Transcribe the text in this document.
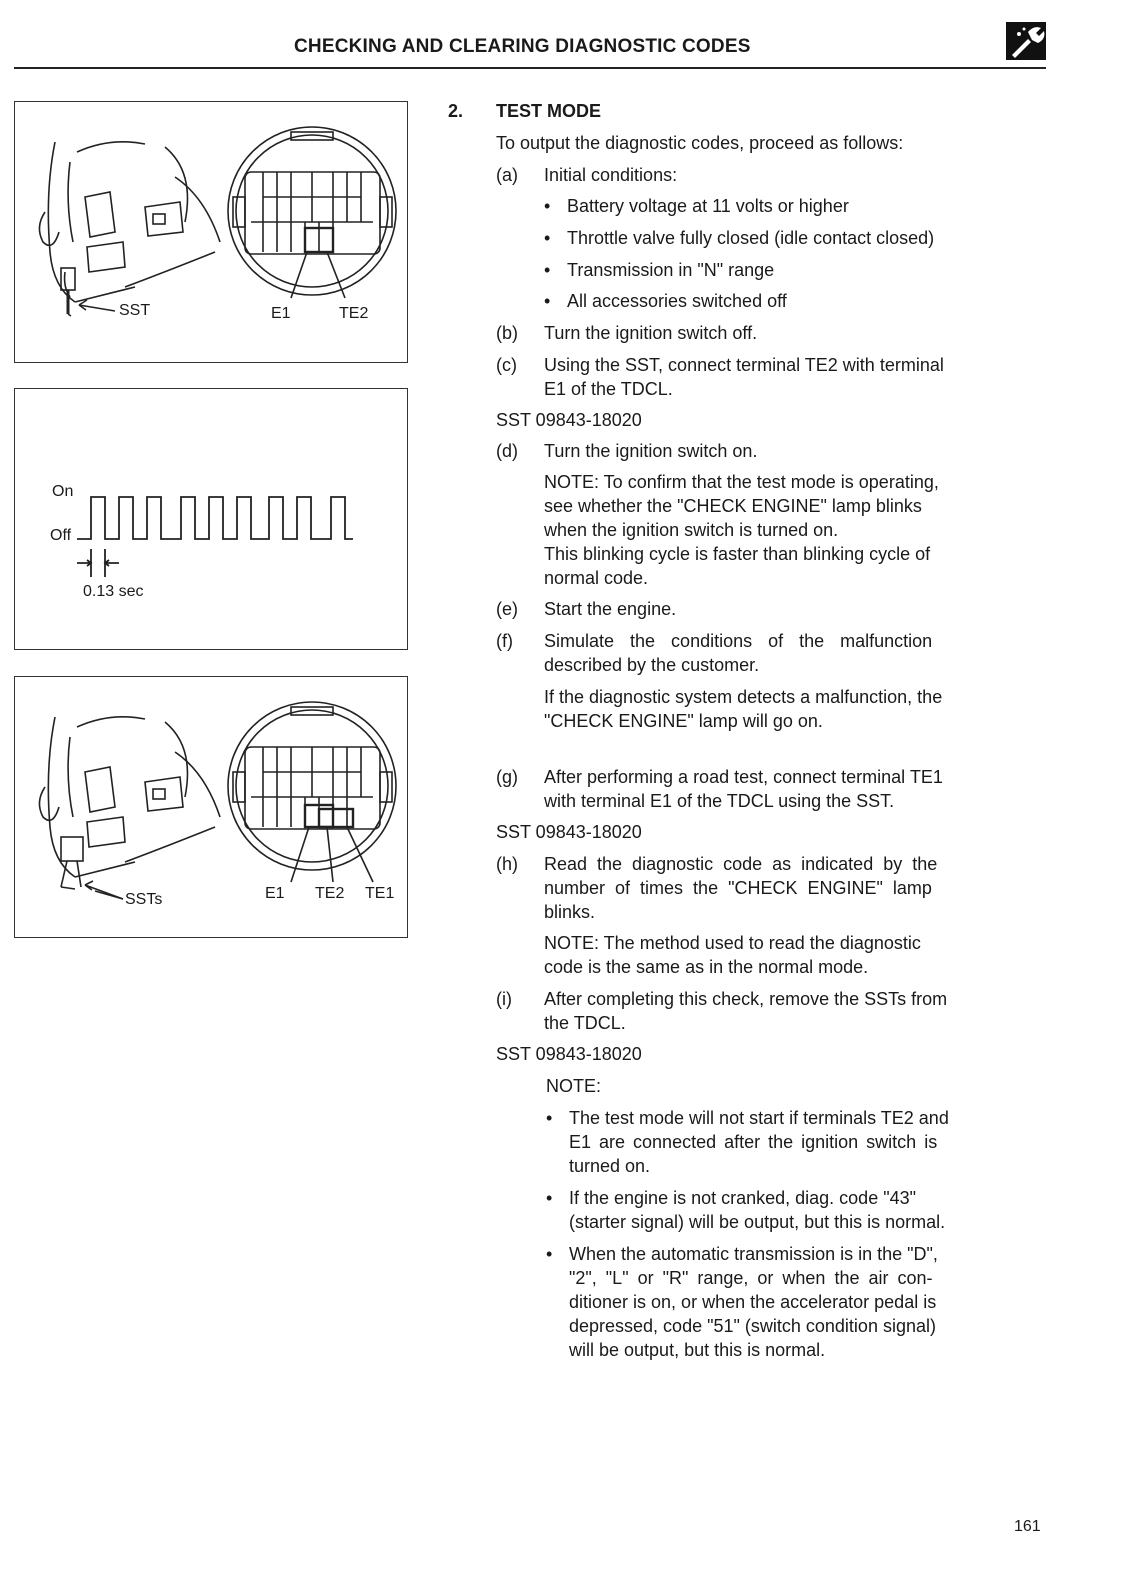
CHECKING AND CLEARING DIAGNOSTIC CODES
SST	E1	TE2
On
Off
0.13 sec
SSTs	E1 TE2 TE1
2. TEST MODE
To output the diagnostic codes, proceed as follows:
(a) Initial conditions:
• Battery voltage at 11 volts or higher
• Throttle valve fully closed (idle contact closed)
• Transmission in "N" range
• All accessories switched off
(b) Turn the ignition switch off.
(c) Using the SST, connect terminal TE2 with terminal
E1 of the TDCL.
SST 09843-18020
(d) Turn the ignition switch on.
NOTE: To confirm that the test mode is operating,
see whether the "CHECK ENGINE" lamp blinks
when the ignition switch is turned on.
This blinking cycle is faster than blinking cycle of
normal code.
(e) Start the engine.
(f) Simulate the conditions of the malfunction
described by the customer.
If the diagnostic system detects a malfunction, the
"CHECK ENGINE" lamp will go on.
(g) After performing a road test, connect terminal TE1
with terminal E1 of the TDCL using the SST.
SST 09843-18020
(h) Read the diagnostic code as indicated by the
number of times the "CHECK ENGINE" lamp
blinks.
NOTE: The method used to read the diagnostic
code is the same as in the normal mode.
(i) After completing this check, remove the SSTs from
the TDCL.
SST 09843-18020
NOTE:
• The test mode will not start if terminals TE2 and
E1 are connected after the ignition switch is
turned on.
• If the engine is not cranked, diag. code "43"
(starter signal) will be output, but this is normal.
• When the automatic transmission is in the "D",
"2", "L" or "R" range, or when the air con-
ditioner is on, or when the accelerator pedal is
depressed, code "51" (switch condition signal)
will be output, but this is normal.
161
